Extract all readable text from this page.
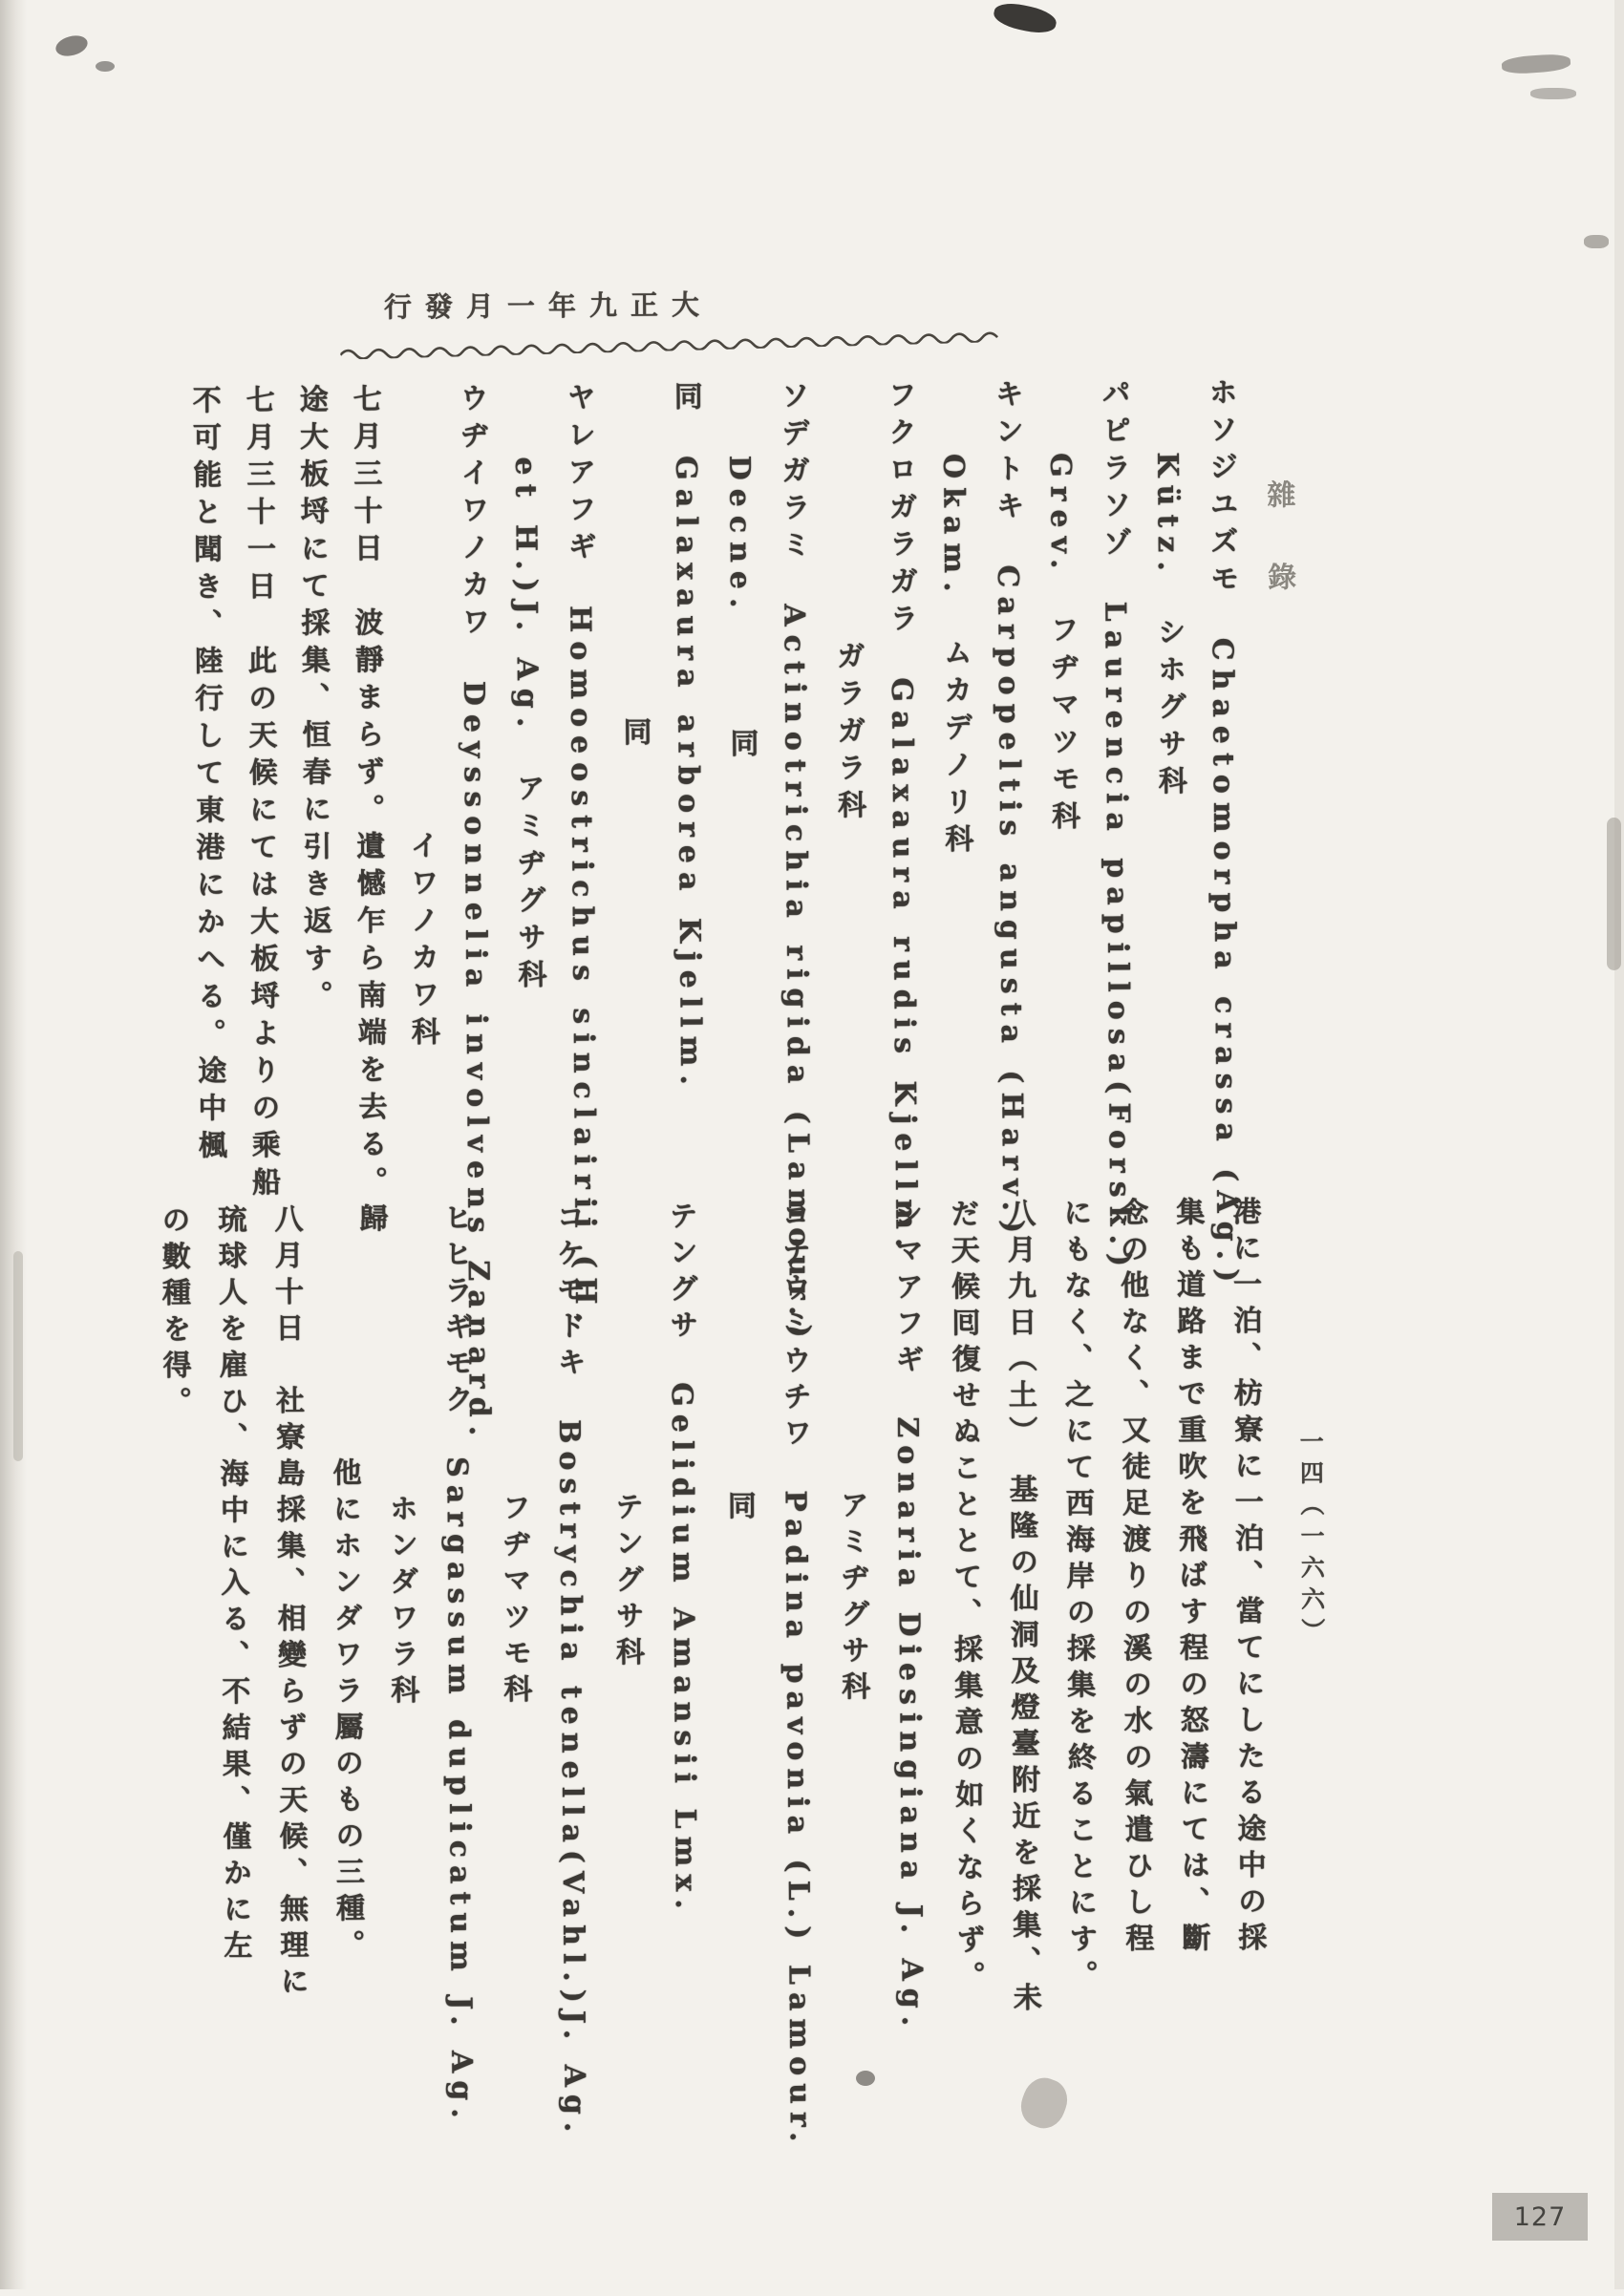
行發月一年九正大
雜錄

ホソジユズモ　Chaetomorpha crassa (Ag.)

　　Kütz.　シホグサ科

パピラソゾ　Laurencia papillosa(Forsk.)

　　Grev.　フヂマツモ科

キントキ　Carpopeltis angusta (Harv.)

　　Okam.　ムカデノリ科

フクロガラガラ　Galaxaura rudis Kjellm.

　　　　　　　ガラガラ科

ソデガラミ　Actinotrichia rigida (Lamour.)

　　Decne.　　　同

同　Galaxaura arborea Kjellm.

　　　　　　　　　同

ヤレアフギ　Homoeostrichus sinclairii (H.

　　et H.)J. Ag.　アミヂグサ科

ウヂイワノカワ　Deyssonnelia involvens Zanard.

　　　　　　　　　　　　イワノカワ科

七月三十日　波靜まらず。遺憾乍ら南端を去る。歸

途大板埒にて採集、恒春に引き返す。

七月三十一日　此の天候にては大板埒よりの乘船

不可能と聞き、陸行して東港にかへる。途中楓

一四（一六六）

港に一泊、枋寮に一泊、當てにしたる途中の採

集も道路まで重吹を飛ばす程の怒濤にては、斷

念の他なく、又徒足渡りの溪の水の氣遣ひし程

にもなく、之にて西海岸の採集を終ることにす。

八月九日（土）　基隆の仙洞及燈臺附近を採集、未

だ天候囘復せぬこととて、採集意の如くならず。

シマアフギ　Zonaria Diesingiana J. Ag.

　　　　　　　　アミヂグサ科

コナウミウチワ　Padina pavonia (L.) Lamour.

　　　　　　　　同

テングサ　Gelidium Amansii Lmx.

　　　　　　　　テングサ科

コケモドキ　Bostrychia tenella(Vahl.)J. Ag.

　　　　　　　　フヂマツモ科

ヒヒラギモク　Sargassum duplicatum J. Ag.

　　　　　　　　ホンダワラ科

　　　　　　　他にホンダワラ屬のもの三種。

八月十日　社寮島採集、相變らずの天候、無理に

琉球人を雇ひ、海中に入る、不結果、僅かに左

の數種を得。

127
